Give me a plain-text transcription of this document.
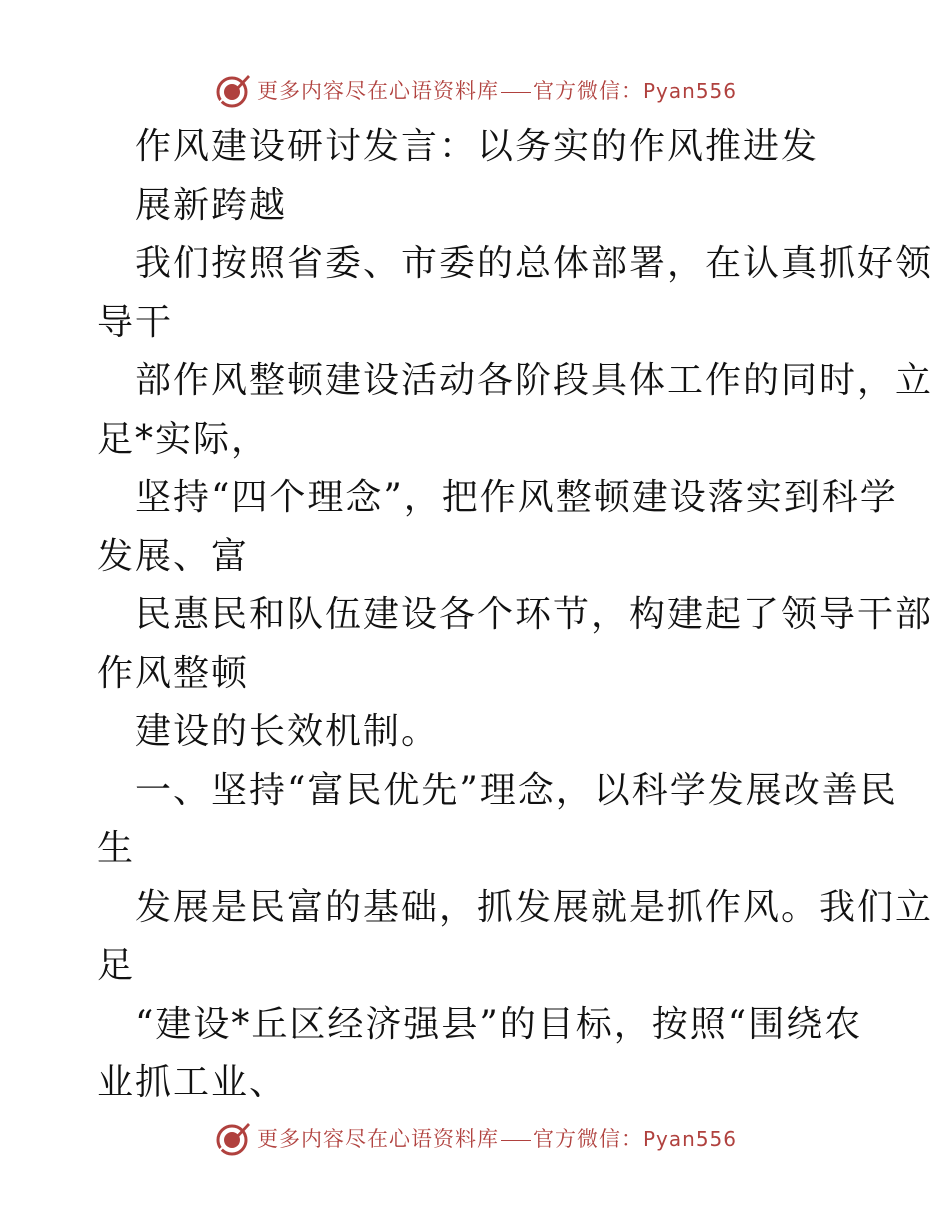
更多内容尽在心语资料库 官方微信：Pyan556
作风建设研讨发言：以务实的作风推进发
展新跨越
我们按照省委、市委的总体部署，在认真抓好领
导干
部作风整顿建设活动各阶段具体工作的同时，立
足*实际，
坚持“四个理念”，把作风整顿建设落实到科学
发展、富
民惠民和队伍建设各个环节，构建起了领导干部
作风整顿
建设的长效机制。
一、坚持“富民优先”理念，以科学发展改善民
生
发展是民富的基础，抓发展就是抓作风。我们立
足
“建设*丘区经济强县”的目标，按照“围绕农
业抓工业、
更多内容尽在心语资料库 官方微信：Pyan556
